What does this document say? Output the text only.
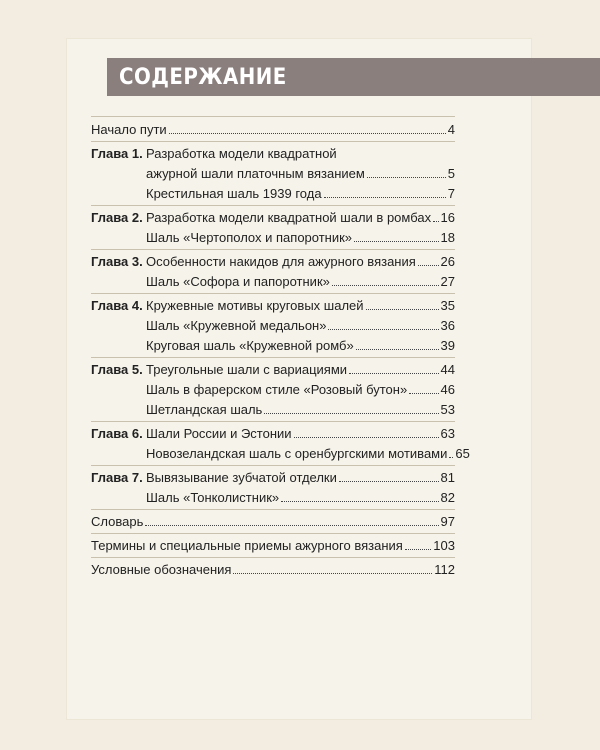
СОДЕРЖАНИЕ
Начало пути	4
Глава 1. Разработка модели квадратной
ажурной шали платочным вязанием	5
Крестильная шаль 1939 года	7
Глава 2. Разработка модели квадратной шали в ромбах 16
Шаль «Чертополох и папоротник»	18
Глава 3. Особенности накидов для ажурного вязания 26
Шаль «Софора и папоротник»	27
Глава 4. Кружевные мотивы круговых шалей	35
Шаль «Кружевной медальон»	36
Круговая шаль «Кружевной ромб»	39
Глава 5. Треугольные шали с вариациями	44
Шаль в фарерском стиле «Розовый бутон»	46
Шетландская шаль	53
Глава 6. Шали России и Эстонии	63
Новозеландская шаль с оренбургскими мотивами 65
Глава 7. Вывязывание зубчатой отделки	81
Шаль «Тонколистник»	82
Словарь	97
Термины и специальные приемы ажурного вязания 103
Условные обозначения	112
